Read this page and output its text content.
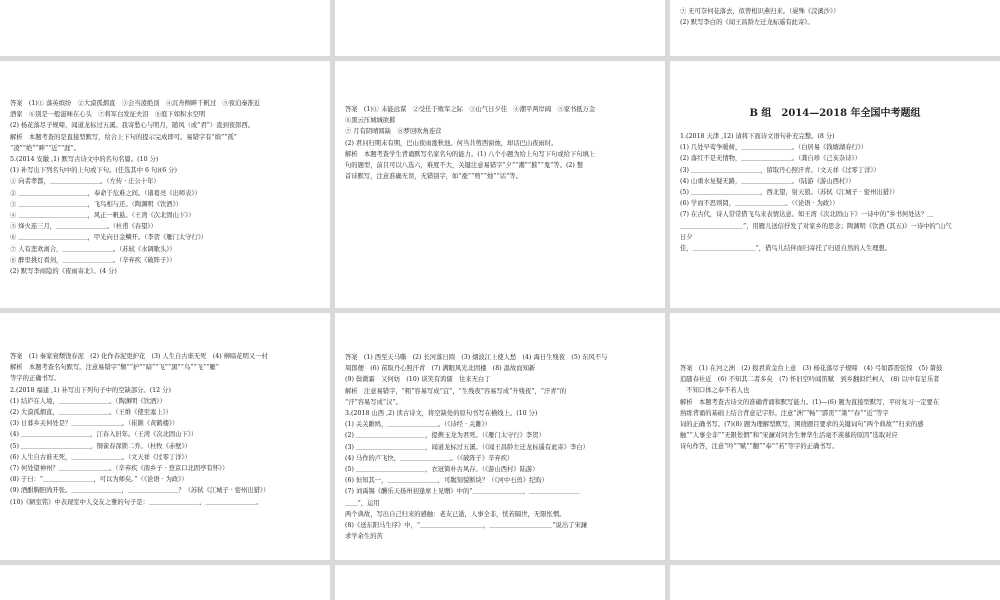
⑦ 无可奈何花落去，似曾相识燕归来。（晏殊《浣溪沙》）
(2) 默写李白的《闻王昌龄左迁龙标遥有此寄》。
答案　(1)① 落英缤纷　②大漠孤烟直　③会当凌绝顶　④沉舟侧畔千帆过　⑤夜泊秦淮近
酒家　⑥别是一般滋味在心头　⑦将军白发征夫泪　⑧庭下如积水空明
(2) 杨花落尽子规啼，闻道龙标过五溪。我寄愁心与明月，随风（或“君”）直到夜郎西。
解析　本题考查的是直接型默写，给合上下句的提示完成即可。易错字有“缤”“孤”
“凌”“绝”“畔”“近”“涯”。
5.(2014 安徽 ,1) 默写古诗文中的名句名篇。(10 分)
(1) 补写出下列名句中的上句或下句。(任选其中 6 句)(6 分)
① 向者孝都，＿＿＿＿＿＿＿＿。（左传 · 庄公十年）
② ＿＿＿＿＿＿＿＿＿＿＿，奉命于危难之间。（诸葛亮《出师表》）
③ ＿＿＿＿＿＿＿＿＿＿＿，飞鸟相与还。（陶渊明《饮酒》）
④ ＿＿＿＿＿＿＿＿＿＿＿，风正一帆悬。（王湾《次北固山下》）
⑤ 烽火连三月，＿＿＿＿＿＿＿＿。（杜甫《春望》）
⑥ ＿＿＿＿＿＿＿＿＿＿＿，甲光向日金鳞开。（李贺《雁门太守行》）
⑦ 人有悲欢离合，＿＿＿＿＿＿＿＿。（苏轼《水调歌头》）
⑧ 醉里挑灯看剑，＿＿＿＿＿＿＿＿。（辛弃疾《破阵子》）
(2) 默写李商隐的《夜雨寄北》。(4 分)
答案　(1)① 未能远谋　②受任于败军之际　③山气日夕佳　④潮平两岸阔　⑤家书抵万金
⑥黑云压城城欲摧
⑦ 月有阴晴圆缺　⑧梦回吹角连营
(2) 君问归期未有期，巴山夜雨涨秋池。何当共剪西窗烛，却话巴山夜雨时。
解析　本题考查学生背诵默写名家名句的能力。(1) 八个小题为给上句写下句或给下句填上
句的题型，前且可以八选六，难度不大，关键注意易错字“夕”“潮”“摧”“鬼”等。(2) 整
首诗默写，注意准确无误，无错别字，如“涨”“剪”“烛”“话”等。
B 组　2014—2018 年全国中考题组
1.(2018 天津 ,12) 请将下面诗文语句补充完整。(8 分)
(1) 几处早莺争暖树，＿＿＿＿＿＿＿＿。（白居易《钱塘湖春行》）
(2) 落红不是无情物，＿＿＿＿＿＿＿＿。（龚自珍《己亥杂诗》）
(3) ＿＿＿＿＿＿＿＿＿＿＿，留取丹心照汗青。（文天祥《过零丁洋》）
(4) 山重水复疑无路，＿＿＿＿＿＿＿＿。（陆游《游山西村》）
(5) ＿＿＿＿＿＿＿＿＿＿＿，西北望，射天狼。（苏轼《江城子 · 密州出猎》）
(6) 学而不思则罔，＿＿＿＿＿＿＿＿。（《论语 · 为政》）
(7) 在古代，诗人常常借飞鸟来表情达意。如王湾《次北固山下》一诗中的“乡书何处达？＿
＿＿＿＿＿＿＿＿＿＿”，用雁儿送信抒发了对家乡的思念；陶渊明《饮酒 (其五)》一诗中的“山气
日夕
佳，＿＿＿＿＿＿＿＿＿＿”，借鸟儿结伴而归寄托了归返自然的人生理想。
答案　(1) 秦家衰颓饶春泥　(2) 化作春泥更护花　(3) 人生自古谁无死　(4) 柳暗花明又一村
解析　本题考查名句默写。注意易错字“颓”“护”“暗”“飞”“黑”“鸟”“飞”“雁”
等字的正确书写。
2.(2018 福建 ,1) 补写出下列句子中的空缺部分。(12 分)
(1) 结庐在人境，＿＿＿＿＿＿＿＿。（陶渊明《饮酒》）
(2) 大漠孤烟直，＿＿＿＿＿＿＿＿。（王维《使至塞上》）
(3) 日暮乡关何处是？＿＿＿＿＿＿＿＿。（崔颢《黄鹤楼》）
(4) ＿＿＿＿＿＿＿＿＿＿＿，江春入旧年。（王湾《次北固山下》）
(5) ＿＿＿＿＿＿＿＿＿＿＿，铜雀春深锁二乔。（杜牧《赤壁》）
(6) 人生自古谁无死，＿＿＿＿＿＿＿＿。（文天祥《过零丁洋》）
(7) 何处望神州？＿＿＿＿＿＿＿＿。（辛弃疾《南乡子 · 登京口北固亭有怀》）
(8) 子曰：“＿＿＿＿＿＿＿＿，可以为师矣。”（《论语 · 为政》）
(9) 酒酣胸胆尚开张。＿＿＿＿＿＿＿＿，＿＿＿＿＿＿＿＿？（苏轼《江城子 · 密州出猎》）
(10)《陋室铭》中表现室中人交友之雅的句子是：＿＿＿＿＿＿＿＿，＿＿＿＿＿＿＿＿。
答案　(1) 西至天马嘶　(2) 长河落日圆　(3) 烟波江上使人愁　(4) 海日生残夜　(5) 东风不与
周郎便　(6) 苗取丹心照汗青　(7) 满眼风光北固楼　(8) 温故而知新
(9) 鬓微霜　又何妨　(10) 谈笑有鸿儒　往来无白丁
解析　注意易错字，“粗”容易写成“宜”，“生残夜”容易写成“升残夜”，“汗青”的
“汗”容易写成“汉”。
3.(2018 山西 ,2) 读古诗文，将空缺处的原句书写在横线上。(10 分)
(1) 关关雎鸠，＿＿＿＿＿＿＿＿。（《诗经 · 关雎》）
(2) ＿＿＿＿＿＿＿＿＿＿＿，提携玉龙为君死。（《雁门太守行》李贺）
(3) ＿＿＿＿＿＿＿＿＿＿＿，闻道龙标过五溪。（《闻王昌龄左迁龙标遥有此寄》李白）
(4) 马作的卢飞快，＿＿＿＿＿＿＿＿。（《破阵子》辛弃疾）
(5) ＿＿＿＿＿＿＿＿＿＿＿，衣冠简朴古风存。（《游山西村》陆游）
(6) 但知其一，＿＿＿＿＿＿＿＿，可龌刻貌断块？（《河中石兽》纪昀）
(7) 刘禹锡《酬乐天扬州初逢席上见赠》中的“＿＿＿＿＿＿＿＿，＿＿＿＿＿＿＿＿
＿＿”，运用
两个典故，写出自己归来的感触：老友已逝，人事全非，恍若隔世，无限怅惘。
(8)《送东阳马生序》中，“＿＿＿＿＿＿＿＿＿＿，＿＿＿＿＿＿＿＿＿＿”说出了宋濂
求学余生的苦
答案　(1) 在河之洲　(2) 报君黄金台上意　(3) 杨花落尽子规啼　(4) 弓如霹雳弦惊　(5) 箫鼓
追随春社近　(6) 不知其二者多矣　(7) 怀旧空吟闻笛赋　到乡翻似烂柯人　(8) 以中有足乐者
　不知口体之奉不若人也
解析　本题考查古诗文的准确背诵和默写能力。(1)—(6) 题为直接型默写，平时复习一定要在
熟练背诵的基础上结合背意记字形。注意“洲”“畅”“霹雳”“箫”“春”“近”等字
词的正确书写。(7)(8) 题为理解型默写，围绕题目要求的关键词句“两个典故”“归来的感
触”“人事全非”“无限怅惘”和“宋濂对同舍生奢华生活毫不羡慕的原因”选取对应
诗句作答，注意“吟”“赋”“翻”“奉”“若”等字的正确书写。
